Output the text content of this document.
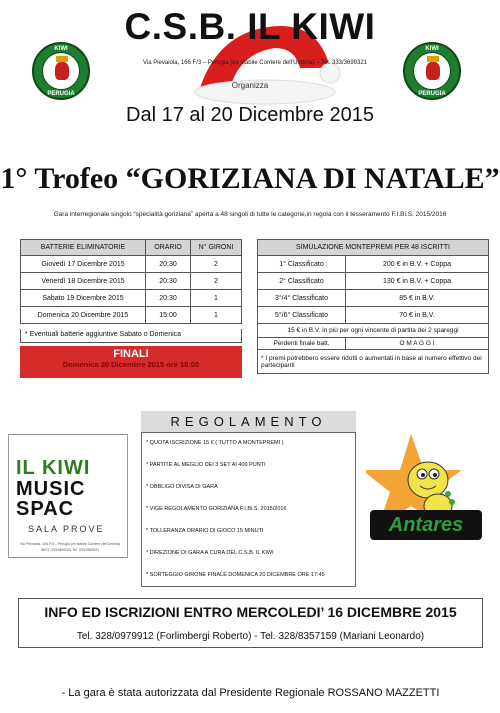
C.S.B. IL KIWI
KIWI
PERUGIA
KIWI
PERUGIA
Via Pievaiola, 166 F/3 – Perugia (ex stabile Corriere dell'Umbria) – Tel. 333/3699321
Organizza
Dal 17 al 20 Dicembre 2015
1° Trofeo “GORIZIANA DI NATALE”
Gara interregionale singolo “specialità goriziana” aperta a 48 singoli di tutte le categorie,in regola con il tesseramento F.I.Bi.S. 2015/2016
BATTERIE ELIMINATORIE	ORARIO	N° GIRONI
Giovedì 17 Dicembre 2015	20:30	2
Venerdì 18 Dicembre 2015	20:30	2
Sabato 19 Dicembre 2015	20:30	1
Domenica 20 Dicembre 2015	15:00	1
* Eventuali batterie aggiuntive Sabato o Domenica
FINALI
Domenica 20 Dicembre 2015 ore 18:00
SIMULAZIONE MONTEPREMI PER 48 ISCRITTI	
1° Classificato	200 € in B.V. + Coppa
2° Classificato	130 € in B.V. + Coppa
3°/4° Classificato	85 € in B.V.
5°/6° Classificato	70 € in B.V.
15 € in B.V. in più per ogni vincente di partita dei 2 spareggi	
Perdenti finale batt.	O M A G G I
* I premi potrebbero essere ridotti o aumentati in base al numero effettivo dei partecipanti	
IL KIWI
MUSIC
SPAC
SALA PROVE
Via Pievaiola, 166 F/3 – Perugia (ex stabile Corriere dell'Umbria)
INFO: 333/3699321 Tel. 333/3699321
REGOLAMENTO
* QUOTA ISCRIZIONE 15 € ( TUTTO A MONTEPREMI )
* PARTITE AL MEGLIO DEI 3 SET AI 400 PUNTI
* OBBLIGO DIVISA DI GARA
* VIGE REGOLAMENTO GORIZIANA F.I.Bi.S. 2015/2016
* TOLLERANZA ORARIO DI GIOCO 15 MINUTI
* DIREZIONE DI GARA A CURA DEL C.S.B. IL KIWI
* SORTEGGIO GIRONE FINALE DOMENICA 20 DICEMBRE ORE 17:45
Antares
INFO ED ISCRIZIONI ENTRO MERCOLEDI’ 16 DICEMBRE 2015
Tel. 328/0979912 (Forlimbergi Roberto) - Tel. 328/8357159 (Mariani Leonardo)
- La gara è stata autorizzata dal Presidente Regionale ROSSANO MAZZETTI
